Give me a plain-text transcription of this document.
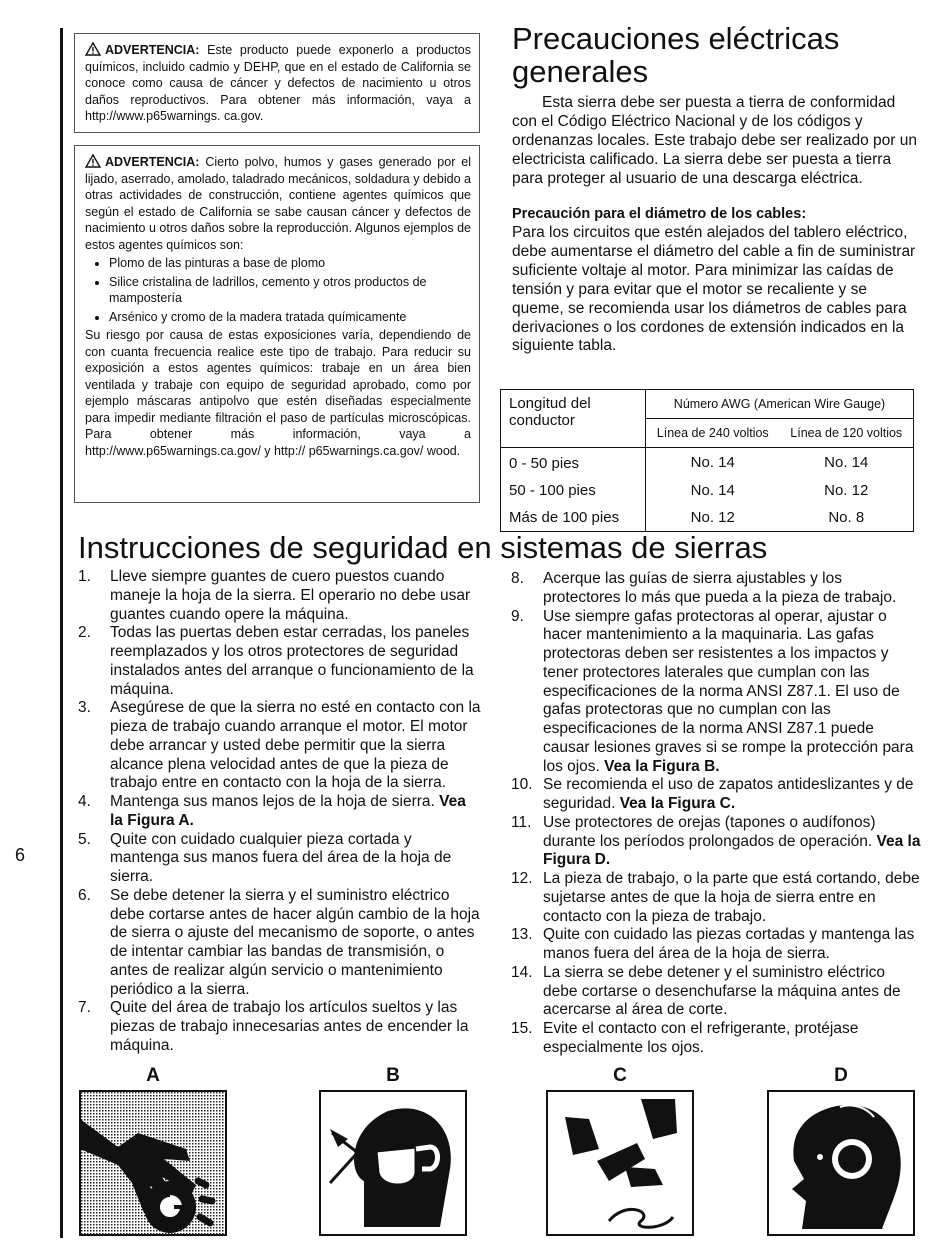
6
ADVERTENCIA: Este producto puede exponerlo a productos químicos, incluido cadmio y DEHP, que en el estado de California se conoce como causa de cáncer y defectos de nacimiento u otros daños reproductivos. Para obtener más información, vaya a http://www.p65warnings. ca.gov.
ADVERTENCIA: Cierto polvo, humos y gases generado por el lijado, aserrado, amolado, taladrado mecánicos, soldadura y debido a otras actividades de construcción, contiene agentes químicos que según el estado de California se sabe causan cáncer y defectos de nacimiento u otros daños sobre la reproducción. Algunos ejemplos de estos agentes químicos son:
• Plomo de las pinturas a base de plomo
• Silice cristalina de ladrillos, cemento y otros productos de mampostería
• Arsénico y cromo de la madera tratada químicamente
Su riesgo por causa de estas exposiciones varía, dependiendo de con cuanta frecuencia realice este tipo de trabajo. Para reducir su exposición a estos agentes químicos: trabaje en un área bien ventilada y trabaje con equipo de seguridad aprobado, como por ejemplo máscaras antipolvo que estén diseñadas especialmente para impedir mediante filtración el paso de partículas microscópicas. Para obtener más información, vaya a http://www.p65warnings.ca.gov/ y http:// p65warnings.ca.gov/ wood.
Precauciones eléctricas generales
Esta sierra debe ser puesta a tierra de conformidad con el Código Eléctrico Nacional y de los códigos y ordenanzas locales. Este trabajo debe ser realizado por un electricista calificado. La sierra debe ser puesta a tierra para proteger al usuario de una descarga eléctrica.
Precaución para el diámetro de los cables:
Para los circuitos que estén alejados del tablero eléctrico, debe aumentarse el diámetro del cable a fin de suministrar suficiente voltaje al motor. Para minimizar las caídas de tensión y para evitar que el motor se recaliente y se queme, se recomienda usar los diámetros de cables para derivaciones o los cordones de extensión indicados en la siguiente tabla.
Longitud del conductor	Número AWG (American Wire Gauge)	
	Línea de 240 voltios	Línea de 120 voltios
0 - 50 pies	No. 14	No. 14
50 - 100 pies	No. 14	No. 12
Más de 100 pies	No. 12	No. 8
Instrucciones de seguridad en sistemas de sierras
1.	Lleve siempre guantes de cuero puestos cuando maneje la hoja de la sierra. El operario no debe usar guantes cuando opere la máquina.
2.	Todas las puertas deben estar cerradas, los paneles reemplazados y los otros protectores de seguridad instalados antes del arranque o funcionamiento de la máquina.
3.	Asegúrese de que la sierra no esté en contacto con la pieza de trabajo cuando arranque el motor. El motor debe arrancar y usted debe permitir que la sierra alcance plena velocidad antes de que la pieza de trabajo entre en contacto con la hoja de la sierra.
4.	Mantenga sus manos lejos de la hoja de sierra. Vea la Figura A.
5.	Quite con cuidado cualquier pieza cortada y mantenga sus manos fuera del área de la hoja de sierra.
6.	Se debe detener la sierra y el suministro eléctrico debe cortarse antes de hacer algún cambio de la hoja de sierra o ajuste del mecanismo de soporte, o antes de intentar cambiar las bandas de transmisión, o antes de realizar algún servicio o mantenimiento periódico a la sierra.
7.	Quite del área de trabajo los artículos sueltos y las piezas de trabajo innecesarias antes de encender la máquina.
8.	Acerque las guías de sierra ajustables y los protectores lo más que pueda a la pieza de trabajo.
9.	Use siempre gafas protectoras al operar, ajustar o hacer mantenimiento a la maquinaria. Las gafas protectoras deben ser resistentes a los impactos y tener protectores laterales que cumplan con las especificaciones de la norma ANSI Z87.1. El uso de gafas protectoras que no cumplan con las especificaciones de la norma ANSI Z87.1 puede causar lesiones graves si se rompe la protección para los ojos. Vea la Figura B.
10. Se recomienda el uso de zapatos antideslizantes y de seguridad. Vea la Figura C.
11. Use protectores de orejas (tapones o audífonos) durante los períodos prolongados de operación. Vea la Figura D.
12. La pieza de trabajo, o la parte que está cortando, debe sujetarse antes de que la hoja de sierra entre en contacto con la pieza de trabajo.
13. Quite con cuidado las piezas cortadas y mantenga las manos fuera del área de la hoja de sierra.
14. La sierra se debe detener y el suministro eléctrico debe cortarse o desenchufarse la máquina antes de acercarse al área de corte.
15. Evite el contacto con el refrigerante, protéjase especialmente los ojos.
A	B	C	D
